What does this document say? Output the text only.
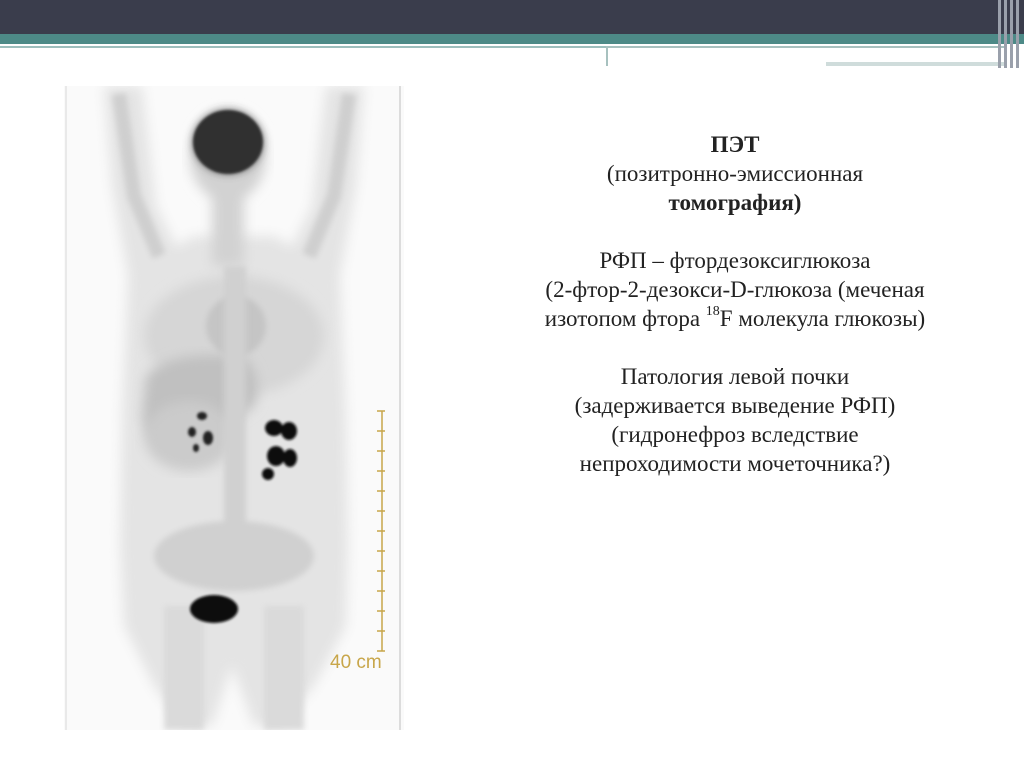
40 cm

ПЭТ

(позитронно-эмиссионная

томография)

РФП – фтордезоксиглюкоза

(2-фтор-2-дезокси-D-глюкоза (меченая

изотопом фтора $^{18}$F молекула глюкозы)

Патология левой почки

(задерживается выведение РФП)

(гидронефроз вследствие

непроходимости мочеточника?)
